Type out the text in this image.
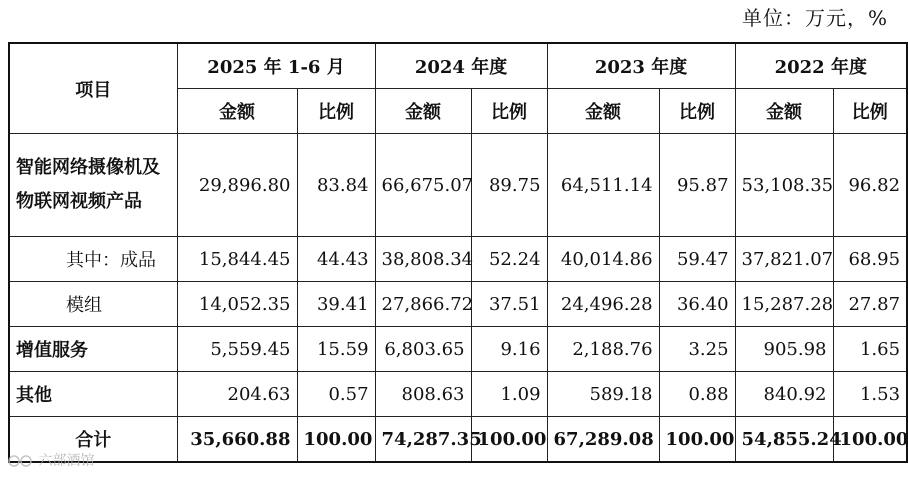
单位：万元，%
项目	2025 年 1-6 月		2024 年度		2023 年度		2022 年度	
	金额	比例	金额	比例	金额	比例	金额	比例
智能网络摄像机及物联网视频产品	29,896.80	83.84	66,675.07	89.75	64,511.14	95.87	53,108.35	96.82
其中：成品	15,844.45	44.43	38,808.34	52.24	40,014.86	59.47	37,821.07	68.95
模组	14,052.35	39.41	27,866.72	37.51	24,496.28	36.40	15,287.28	27.87
增值服务	5,559.45	15.59	6,803.65	9.16	2,188.76	3.25	905.98	1.65
其他	204.63	0.57	808.63	1.09	589.18	0.88	840.92	1.53
合计	35,660.88	100.00	74,287.35	100.00	67,289.08	100.00	54,855.24	100.00
六部酒馆
